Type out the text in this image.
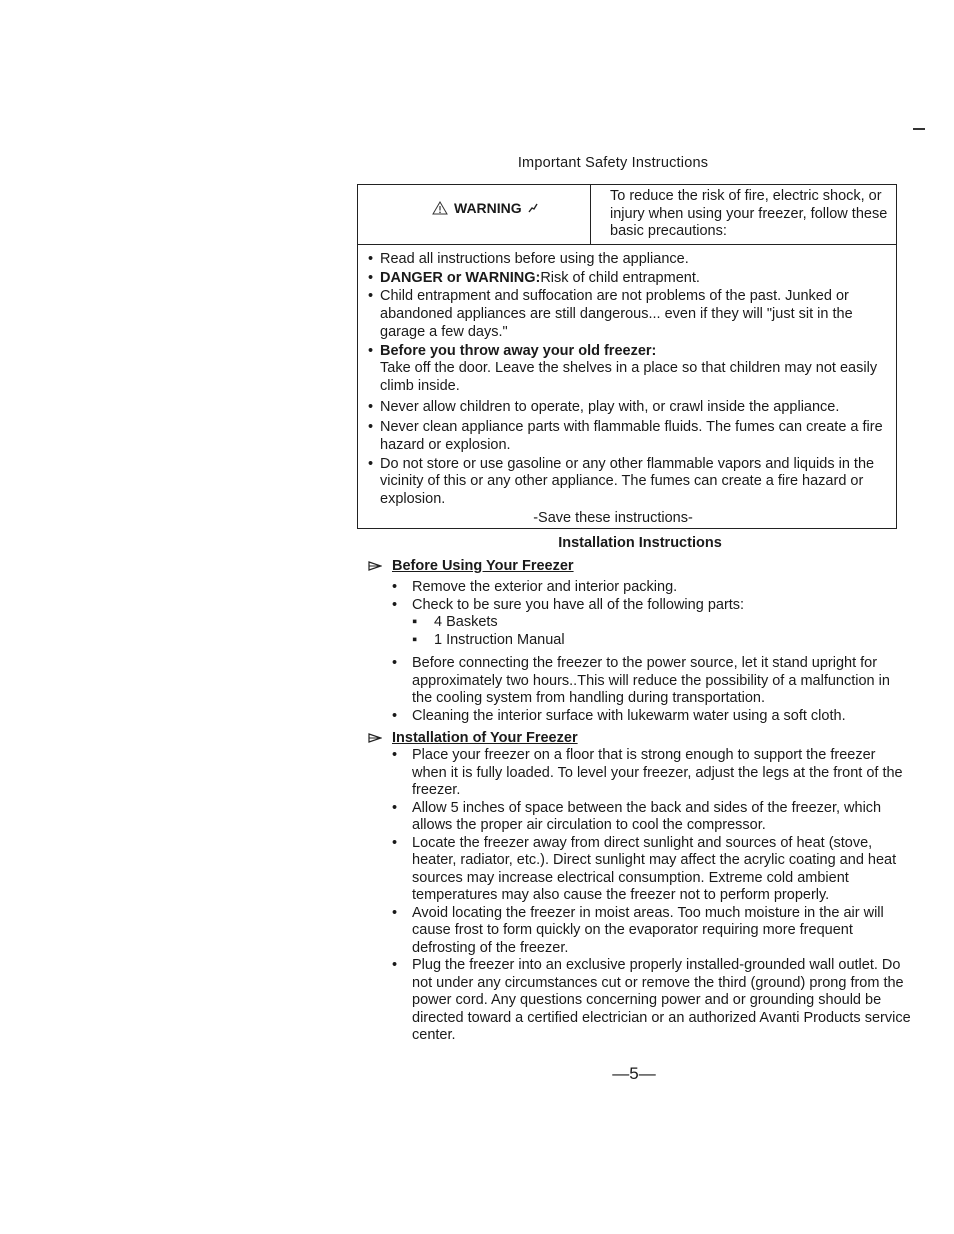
Important Safety Instructions
WARNING
To reduce the risk of fire, electric shock, or injury when using your freezer, follow these basic precautions:
• Read all instructions before using the appliance.
• DANGER or WARNING:Risk of child entrapment.
• Child entrapment and suffocation are not problems of the past. Junked or abandoned appliances are still dangerous... even if they will "just sit in the garage a few days."
• Before you throw away your old freezer:
Take off the door. Leave the shelves in a place so that children may not easily climb inside.
• Never allow children to operate, play with, or crawl inside the appliance.
• Never clean appliance parts with flammable fluids. The fumes can create a fire hazard or explosion.
• Do not store or use gasoline or any other flammable vapors and liquids in the vicinity of this or any other appliance. The fumes can create a fire hazard or explosion.
-Save these instructions-
Installation Instructions
Before Using Your Freezer
• Remove the exterior and interior packing.
• Check to be sure you have all of the following parts:
▪ 4 Baskets
▪ 1 Instruction Manual
• Before connecting the freezer to the power source, let it stand upright for approximately two hours..This will reduce the possibility of a malfunction in the cooling system from handling during transportation.
• Cleaning the interior surface with lukewarm water using a soft cloth.
Installation of Your Freezer
• Place your freezer on a floor that is strong enough to support the freezer when it is fully loaded. To level your freezer, adjust the legs at the front of the freezer.
• Allow 5 inches of space between the back and sides of the freezer, which allows the proper air circulation to cool the compressor.
• Locate the freezer away from direct sunlight and sources of heat (stove, heater, radiator, etc.). Direct sunlight may affect the acrylic coating and heat sources may increase electrical consumption. Extreme cold ambient temperatures may also cause the freezer not to perform properly.
• Avoid locating the freezer in moist areas. Too much moisture in the air will cause frost to form quickly on the evaporator requiring more frequent defrosting of the freezer.
• Plug the freezer into an exclusive properly installed-grounded wall outlet. Do not under any circumstances cut or remove the third (ground) prong from the power cord. Any questions concerning power and or grounding should be directed toward a certified electrician or an authorized Avanti Products service center.
—5—
